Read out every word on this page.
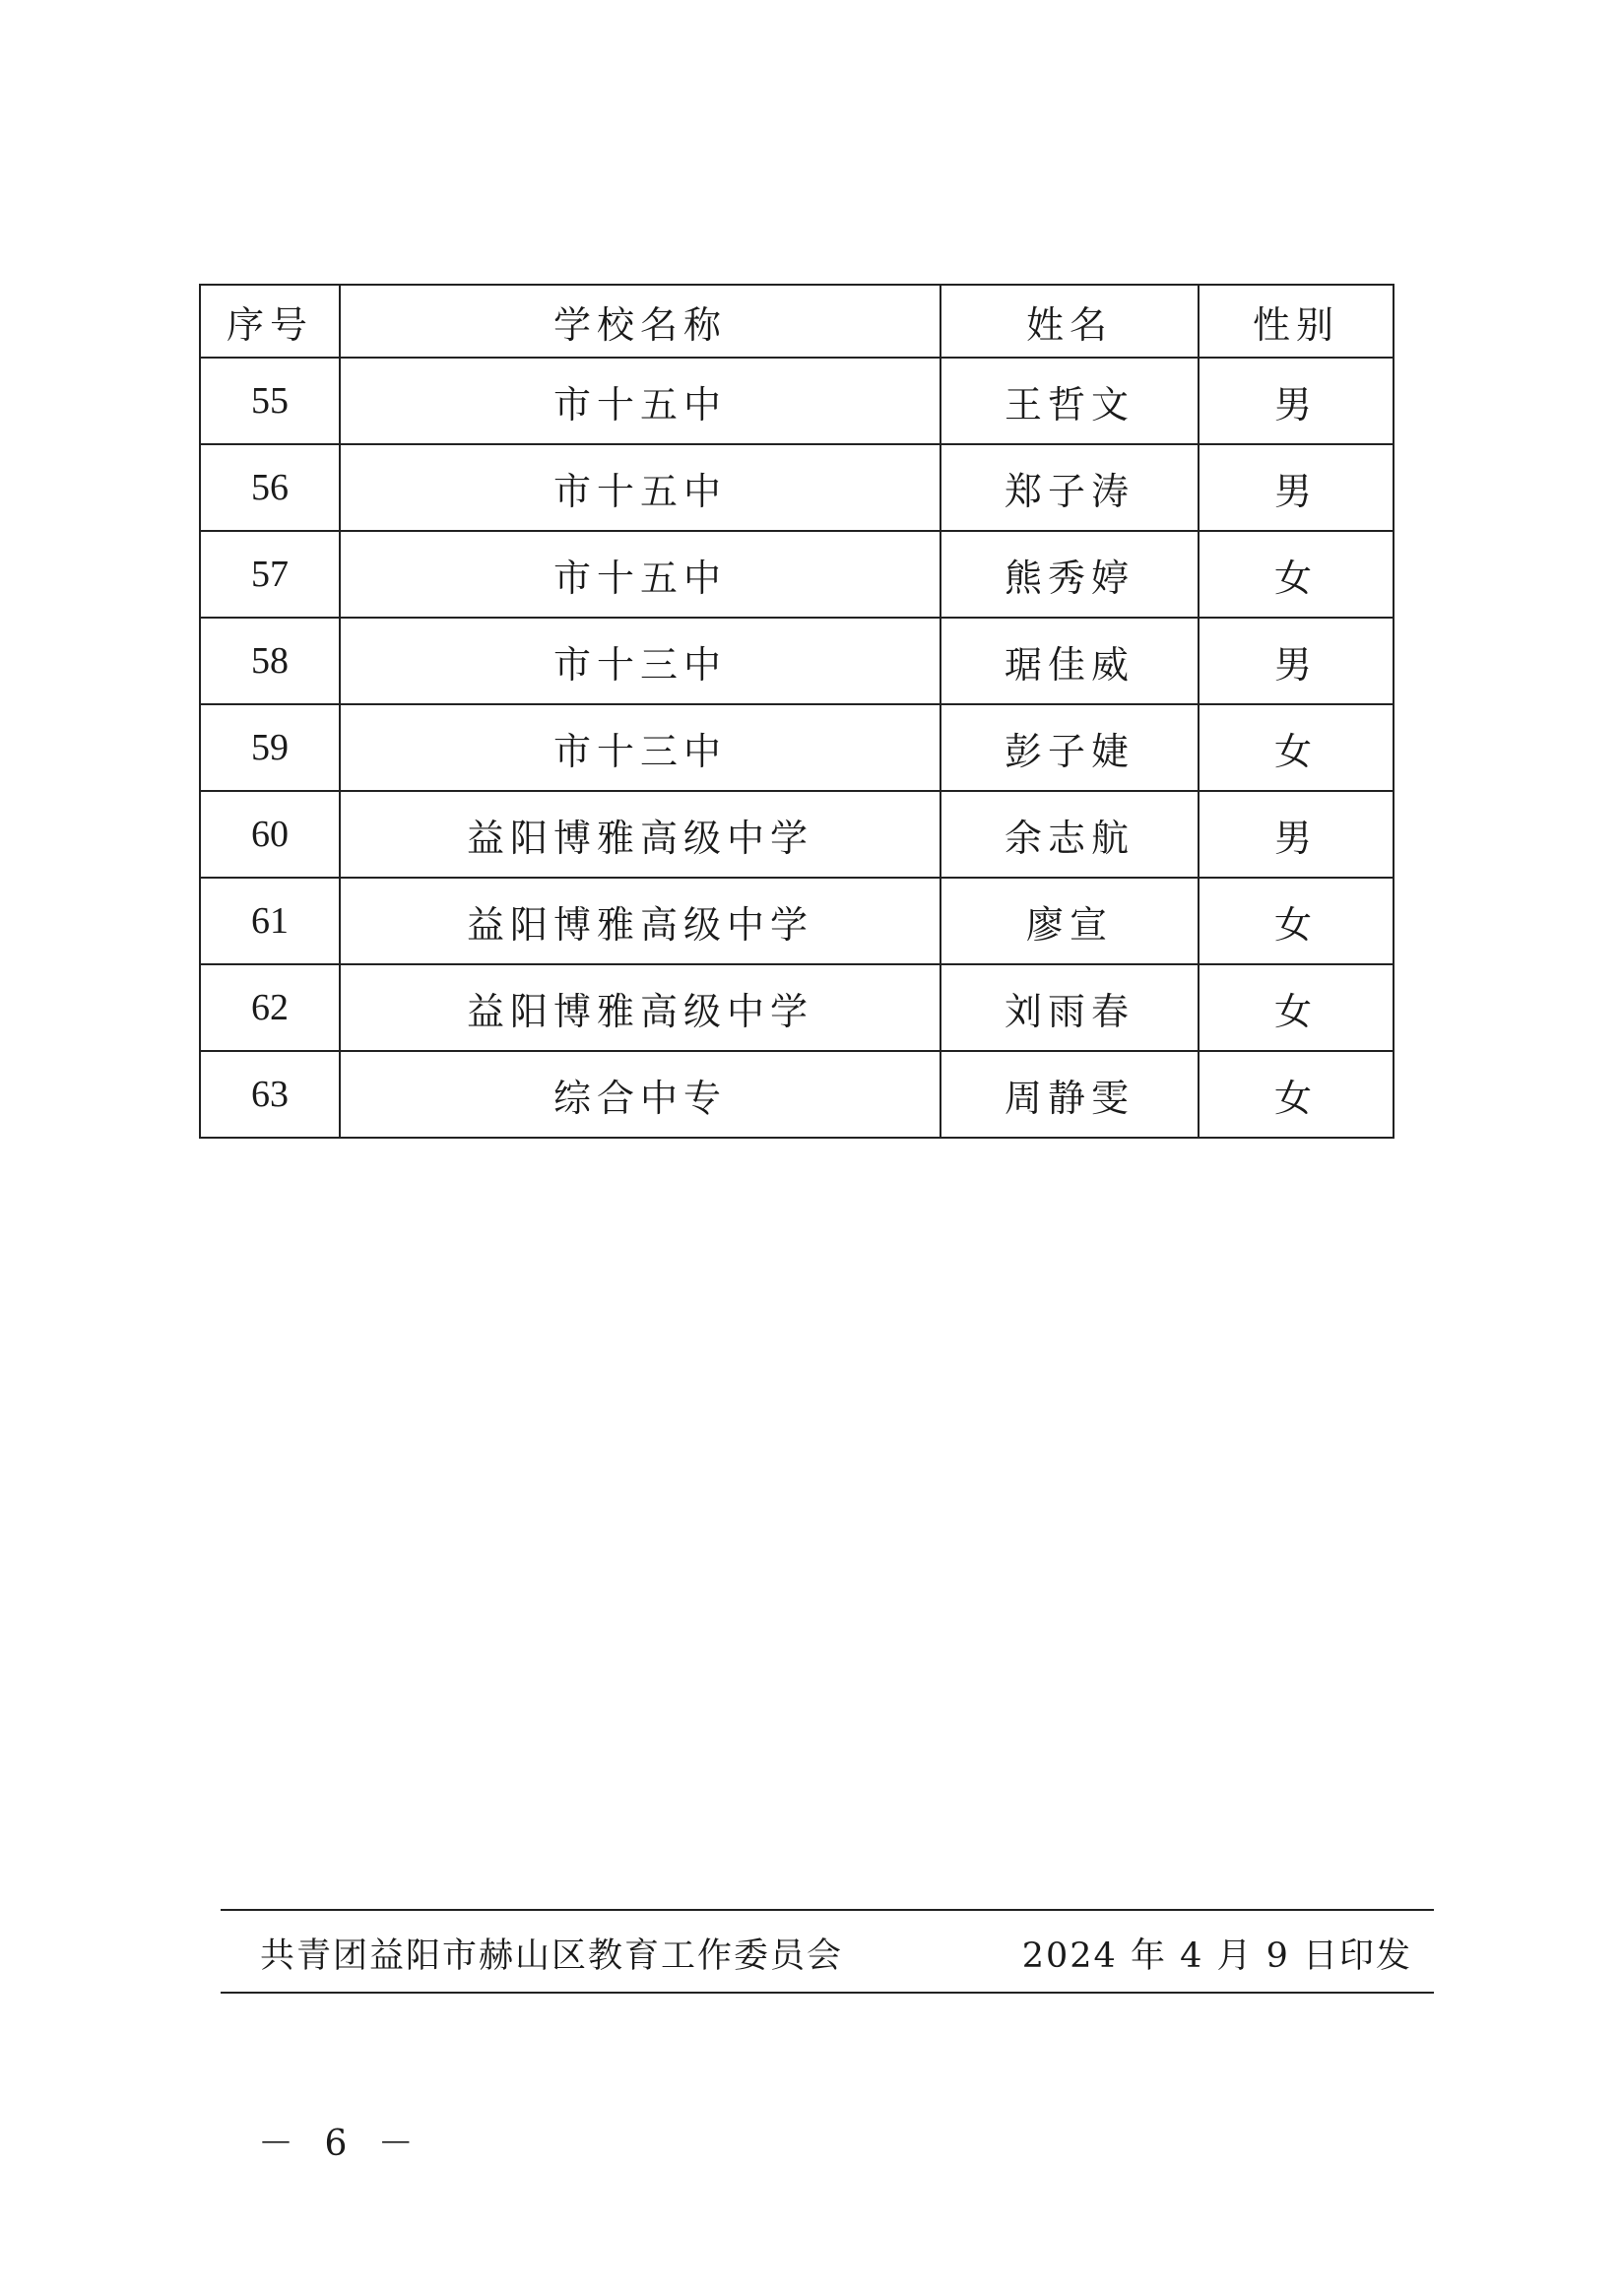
序号	学校名称	姓名	性别
55	市十五中	王哲文	男
56	市十五中	郑子涛	男
57	市十五中	熊秀婷	女
58	市十三中	琚佳威	男
59	市十三中	彭子婕	女
60	益阳博雅高级中学	余志航	男
61	益阳博雅高级中学	廖宣	女
62	益阳博雅高级中学	刘雨春	女
63	综合中专	周静雯	女
共青团益阳市赫山区教育工作委员会	2024 年 4 月 9 日印发
－ 6 －
